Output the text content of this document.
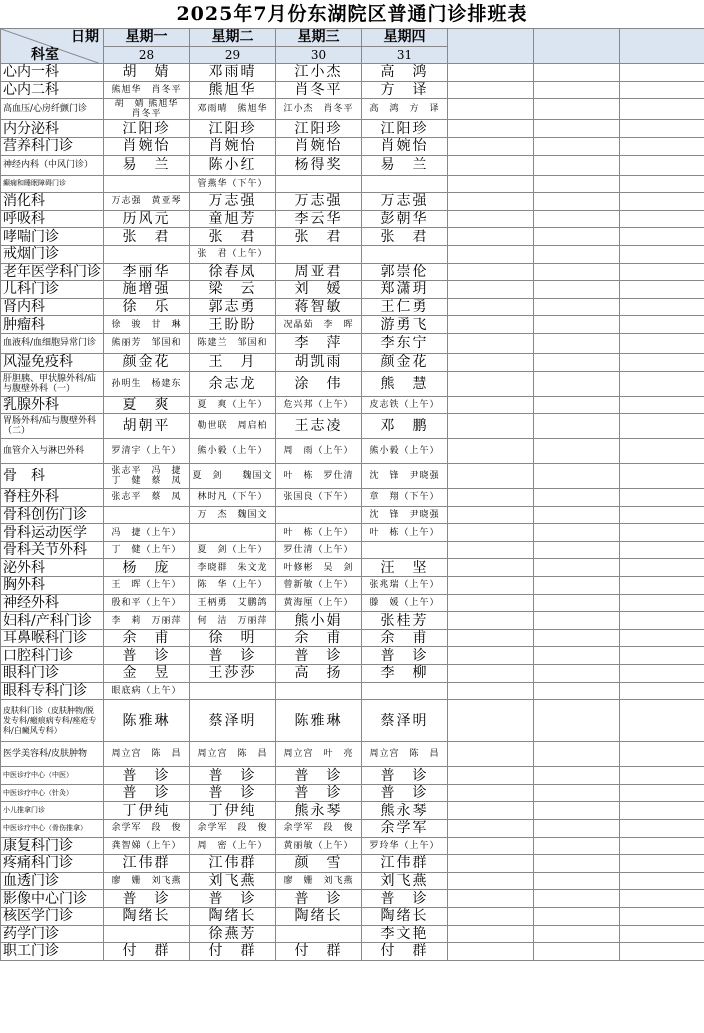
2025年7月份东湖院区普通门诊排班表
日期
科室	星期一	星期二	星期三	星期四			
	28	29	30	31			
心内一科	胡　婧	邓雨晴	江小杰	高　鸿			
心内二科	熊旭华　肖冬平	熊旭华	肖冬平	方　译			
高血压/心房纤颤门诊	胡　婧 熊旭华　肖冬平	邓雨晴　熊旭华	江小杰　肖冬平	高　鸿　方　译			
内分泌科	江阳珍	江阳珍	江阳珍	江阳珍			
营养科门诊	肖婉怡	肖婉怡	肖婉怡	肖婉怡			
神经内科（中风门诊）	易　兰	陈小红	杨得奖	易　兰			
癫痫和睡眠障碍门诊		管燕华（下午）					
消化科	万志强　黄亚琴	万志强	万志强	万志强			
呼吸科	历风元	童旭芳	李云华	彭朝华			
哮喘门诊	张　君	张　君	张　君	张　君			
戒烟门诊		张　君（上午）					
老年医学科门诊	李丽华	徐春凤	周亚君	郭崇伦			
儿科门诊	施增强	梁　云	刘　媛	郑潇玥			
肾内科	徐　乐	郭志勇	蒋智敏	王仁勇			
肿瘤科	徐　骏　甘　琳	王盼盼	况晶茹　李　晖	游勇飞			
血液科/血细胞异常门诊	熊丽芳　邹国和	陈建兰　邹国和	李　萍	李东宁			
风湿免疫科	颜金花	王　月	胡凯雨	颜金花			
肝胆胰、甲状腺外科/疝与腹壁外科（一）	孙明生　杨建东	余志龙	涂　伟	熊　慧			
乳腺外科	夏　爽	夏　爽（上午）	危兴邦（上午）	皮志铁（上午）			
胃肠外科/疝与腹壁外科（二）	胡朝平	勒世联　周启柏	王志凌	邓　鹏			
血管介入与淋巴外科	罗清宇（上午）	熊小毅（上午）	周　雨（上午）	熊小毅（上午）			
骨　科	张志平　冯　捷 丁　健　蔡　凤	夏　剑　　魏国文	叶　栋　罗仕清	沈　锋　尹晓强			
脊柱外科	张志平　蔡　凤	林时凡（下午）	张国良（下午）	章　翔（下午）			
骨科创伤门诊		万　杰　魏国文		沈　锋　尹晓强			
骨科运动医学	冯　捷（上午）		叶　栋（上午）	叶　栋（上午）			
骨科关节外科	丁　健（上午）	夏　剑（上午）	罗仕清（上午）				
泌外科	杨　庞	李晓群　朱文龙	叶修彬　吴　剑	汪　坚			
胸外科	王　晖（上午）	陈　华（上午）	曾新敏（上午）	张兆瑞（上午）			
神经外科	殷和平（上午）	王柄勇　艾鹏鸽	黄海厘（上午）	滕　媛（上午）			
妇科/产科门诊	李　莉　万丽萍	何　洁　万丽萍	熊小娟	张桂芳			
耳鼻喉科门诊	余　甫	徐　明	余　甫	余　甫			
口腔科门诊	普　诊	普　诊	普　诊	普　诊			
眼科门诊	金　昱	王莎莎	高　扬	李　柳			
眼科专科门诊	眼底病（上午）						

皮肤科门诊（皮肤肿物/脱发专科/瘢痕病专科/痤疮专科/白癜风专科）	陈雅琳	蔡泽明	陈雅琳	蔡泽明			
医学美容科/皮肤肿物	周立宫　陈　昌	周立宫　陈　昌	周立宫　叶　亮	周立宫　陈　昌			
中医诊疗中心（中医）	普　诊	普　诊	普　诊	普　诊			
中医诊疗中心（针灸）	普　诊	普　诊	普　诊	普　诊			
小儿推拿门诊	丁伊纯	丁伊纯	熊永琴	熊永琴			
中医诊疗中心（骨伤推拿）	余学军　段　俊	余学军　段　俊	余学军　段　俊	余学军			
康复科门诊	龚智娣（上午）	周　密（上午）	黄丽敏（上午）	罗玲华（上午）			
疼痛科门诊	江伟群	江伟群	颜　雪	江伟群			
血透门诊	廖　姗　刘飞燕	刘飞燕	廖　姗　刘飞燕	刘飞燕			
影像中心门诊	普　诊	普　诊	普　诊	普　诊			
核医学门诊	陶绪长	陶绪长	陶绪长	陶绪长			
药学门诊		徐燕芳		李文艳			
职工门诊	付　群	付　群	付　群	付　群			
